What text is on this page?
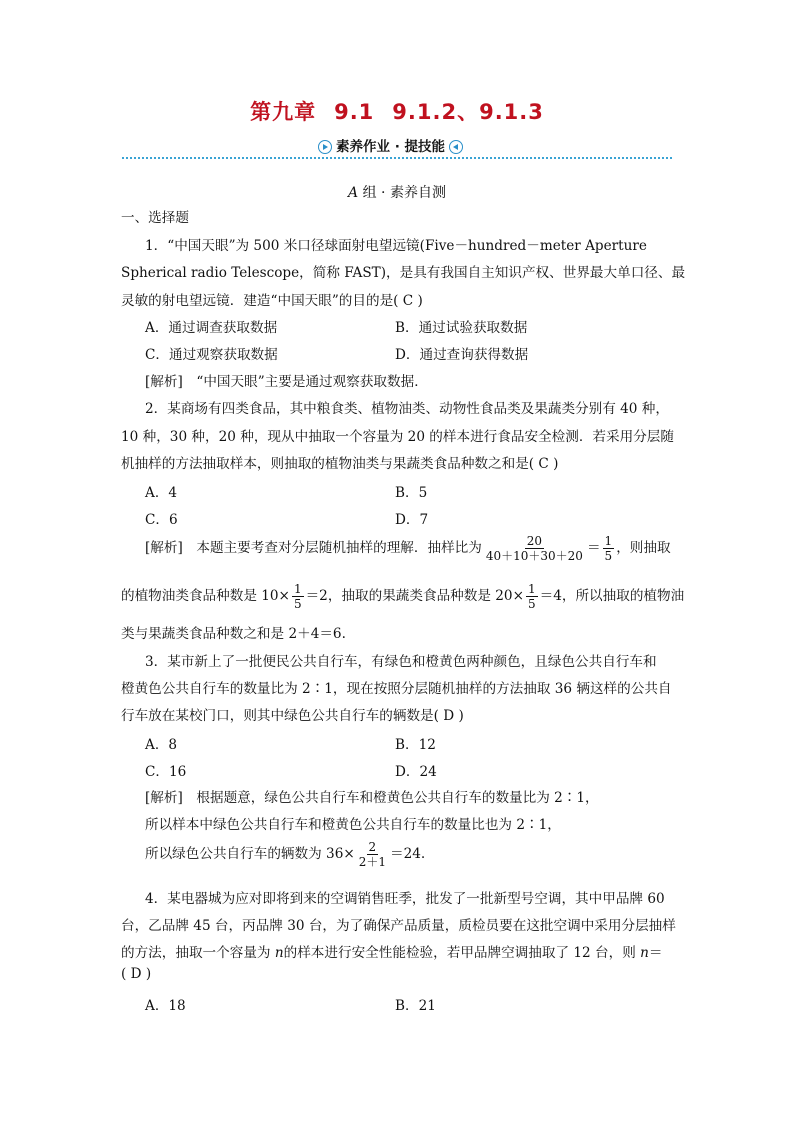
第九章 9.1 9.1.2、9.1.3
素养作业 · 提技能
A 组 · 素养自测
一、选择题
1．“中国天眼”为 500 米口径球面射电望远镜(Five－hundred－meter Aperture
Spherical radio Telescope，简称 FAST)，是具有我国自主知识产权、世界最大单口径、最
灵敏的射电望远镜．建造“中国天眼”的目的是( C )
A．通过调查获取数据	B．通过试验获取数据
C．通过观察获取数据	D．通过查询获得数据
[解析]　“中国天眼”主要是通过观察获取数据．
2．某商场有四类食品，其中粮食类、植物油类、动物性食品类及果蔬类分别有 40 种，
10 种，30 种，20 种，现从中抽取一个容量为 20 的样本进行食品安全检测．若采用分层随
机抽样的方法抽取样本，则抽取的植物油类与果蔬类食品种数之和是( C )
A．4	B．5
C．6	D．7
[解析]　本题主要考查对分层随机抽样的理解．抽样比为 $\frac{20}{40+10+30+20} = \frac{1}{5}$ ，则抽取
的植物油类食品种数是 $10\times \frac{1}{5} =2$，抽取的果蔬类食品种数是 $20\times \frac{1}{5} =4$，所以抽取的植物油
类与果蔬类食品种数之和是 2＋4＝6.
3．某市新上了一批便民公共自行车，有绿色和橙黄色两种颜色，且绿色公共自行车和
橙黄色公共自行车的数量比为 2∶1，现在按照分层随机抽样的方法抽取 36 辆这样的公共自
行车放在某校门口，则其中绿色公共自行车的辆数是( D )
A．8	B．12
C．16	D．24
[解析]　根据题意，绿色公共自行车和橙黄色公共自行车的数量比为 2∶1，
所以样本中绿色公共自行车和橙黄色公共自行车的数量比也为 2∶1，
所以绿色公共自行车的辆数为 $36\times \frac{2}{2+1} =24$.
4．某电器城为应对即将到来的空调销售旺季，批发了一批新型号空调，其中甲品牌 60
台，乙品牌 45 台，丙品牌 30 台，为了确保产品质量，质检员要在这批空调中采用分层抽样
的方法，抽取一个容量为 n的样本进行安全性能检验，若甲品牌空调抽取了 12 台，则 n＝
( D )
A．18	B．21
